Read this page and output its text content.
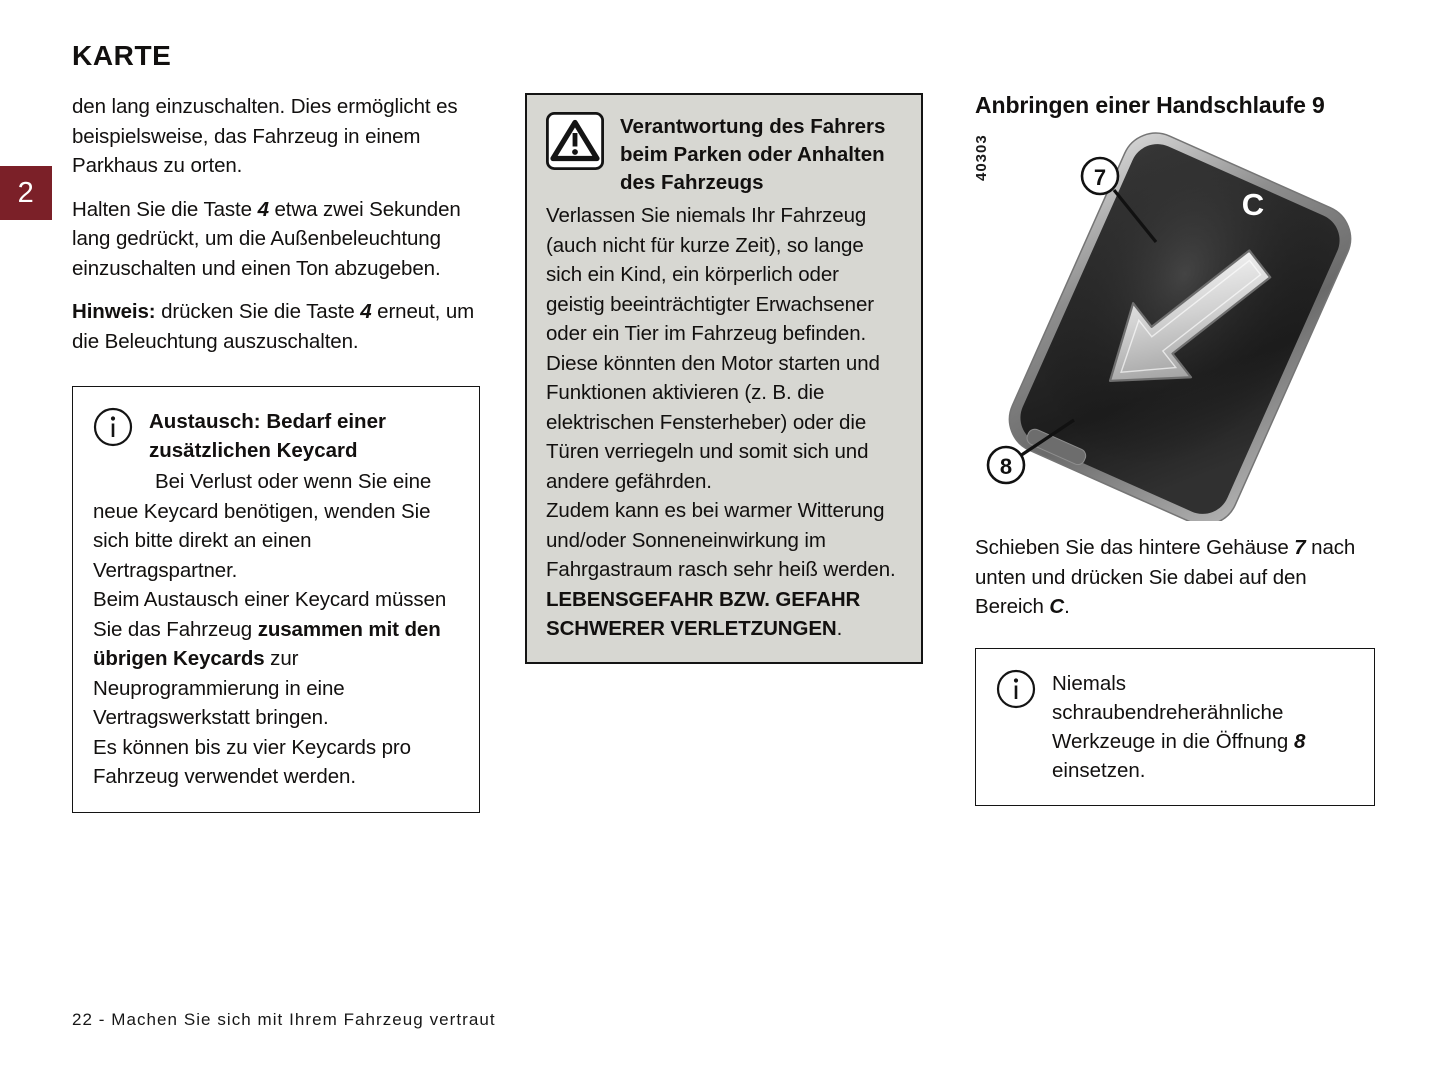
2
KARTE

den lang einzuschalten. Dies ermöglicht es beispielsweise, das Fahrzeug in einem Parkhaus zu orten.

Halten Sie die Taste 4 etwa zwei Sekunden lang gedrückt, um die Außenbeleuchtung einzuschalten und einen Ton abzugeben.

Hinweis: drücken Sie die Taste 4 erneut, um die Beleuchtung auszuschalten.

Austausch: Bedarf einer zusätzlichen Keycard

Bei Verlust oder wenn Sie eine neue Keycard benötigen, wenden Sie sich bitte direkt an einen Vertragspartner.

Beim Austausch einer Keycard müssen Sie das Fahrzeug zusammen mit den übrigen Keycards zur Neuprogrammierung in eine Vertragswerkstatt bringen.

Es können bis zu vier Keycards pro Fahrzeug verwendet werden.

Verantwortung des Fahrers beim Parken oder Anhalten des Fahrzeugs

Verlassen Sie niemals Ihr Fahrzeug (auch nicht für kurze Zeit), so lange sich ein Kind, ein körperlich oder geistig beeinträchtigter Erwachsener oder ein Tier im Fahrzeug befinden.

Diese könnten den Motor starten und Funktionen aktivieren (z. B. die elektrischen Fensterheber) oder die Türen verriegeln und somit sich und andere gefährden.

Zudem kann es bei warmer Witterung und/oder Sonneneinwirkung im Fahrgastraum rasch sehr heiß werden.

LEBENSGEFAHR BZW. GEFAHR SCHWERER VERLETZUNGEN.

Anbringen einer Handschlaufe 9
40303
C
7
8

Schieben Sie das hintere Gehäuse 7 nach unten und drücken Sie dabei auf den Bereich C.

Niemals schraubendreherähnliche Werkzeuge in die Öffnung 8 einsetzen.
22 - Machen Sie sich mit Ihrem Fahrzeug vertraut
